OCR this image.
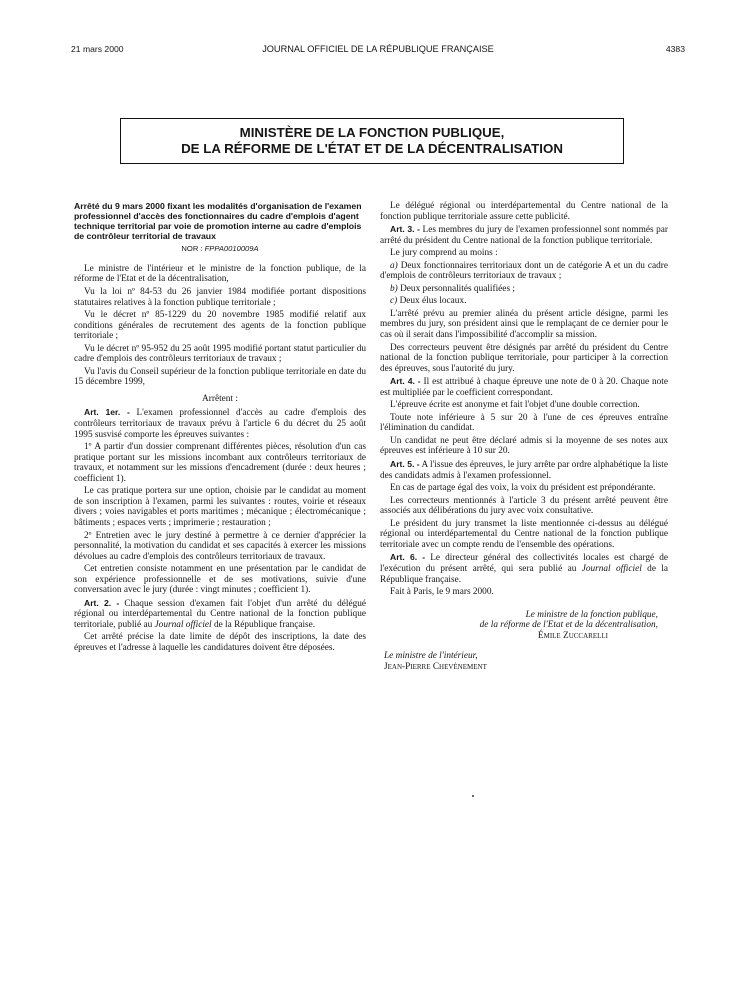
21 mars 2000	JOURNAL OFFICIEL DE LA RÉPUBLIQUE FRANÇAISE	4383
MINISTÈRE DE LA FONCTION PUBLIQUE,
DE LA RÉFORME DE L'ÉTAT ET DE LA DÉCENTRALISATION
Arrêté du 9 mars 2000 fixant les modalités d'organisation de l'examen professionnel d'accès des fonctionnaires du cadre d'emplois d'agent technique territorial par voie de promotion interne au cadre d'emplois de contrôleur territorial de travaux
NOR : FPPA0010009A

Le ministre de l'intérieur et le ministre de la fonction publique, de la réforme de l'Etat et de la décentralisation,

Vu la loi nº 84-53 du 26 janvier 1984 modifiée portant dispositions statutaires relatives à la fonction publique territoriale ;

Vu le décret nº 85-1229 du 20 novembre 1985 modifié relatif aux conditions générales de recrutement des agents de la fonction publique territoriale ;

Vu le décret nº 95-952 du 25 août 1995 modifié portant statut particulier du cadre d'emplois des contrôleurs territoriaux de travaux ;

Vu l'avis du Conseil supérieur de la fonction publique territoriale en date du 15 décembre 1999,

Arrêtent :

Art. 1er. - L'examen professionnel d'accès au cadre d'emplois des contrôleurs territoriaux de travaux prévu à l'article 6 du décret du 25 août 1995 susvisé comporte les épreuves suivantes :

1º A partir d'un dossier comprenant différentes pièces, résolution d'un cas pratique portant sur les missions incombant aux contrôleurs territoriaux de travaux, et notamment sur les missions d'encadrement (durée : deux heures ; coefficient 1).

Le cas pratique portera sur une option, choisie par le candidat au moment de son inscription à l'examen, parmi les suivantes : routes, voirie et réseaux divers ; voies navigables et ports maritimes ; mécanique ; électromécanique ; bâtiments ; espaces verts ; imprimerie ; restauration ;

2º Entretien avec le jury destiné à permettre à ce dernier d'apprécier la personnalité, la motivation du candidat et ses capacités à exercer les missions dévolues au cadre d'emplois des contrôleurs territoriaux de travaux.

Cet entretien consiste notamment en une présentation par le candidat de son expérience professionnelle et de ses motivations, suivie d'une conversation avec le jury (durée : vingt minutes ; coefficient 1).

Art. 2. - Chaque session d'examen fait l'objet d'un arrêté du délégué régional ou interdépartemental du Centre national de la fonction publique territoriale, publié au Journal officiel de la République française.

Cet arrêté précise la date limite de dépôt des inscriptions, la date des épreuves et l'adresse à laquelle les candidatures doivent être déposées.

Le délégué régional ou interdépartemental du Centre national de la fonction publique territoriale assure cette publicité.

Art. 3. - Les membres du jury de l'examen professionnel sont nommés par arrêté du président du Centre national de la fonction publique territoriale.

Le jury comprend au moins :

a) Deux fonctionnaires territoriaux dont un de catégorie A et un du cadre d'emplois de contrôleurs territoriaux de travaux ;

b) Deux personnalités qualifiées ;

c) Deux élus locaux.

L'arrêté prévu au premier alinéa du présent article désigne, parmi les membres du jury, son président ainsi que le remplaçant de ce dernier pour le cas où il serait dans l'impossibilité d'accomplir sa mission.

Des correcteurs peuvent être désignés par arrêté du président du Centre national de la fonction publique territoriale, pour participer à la correction des épreuves, sous l'autorité du jury.

Art. 4. - Il est attribué à chaque épreuve une note de 0 à 20. Chaque note est multipliée par le coefficient correspondant.

L'épreuve écrite est anonyme et fait l'objet d'une double correction.

Toute note inférieure à 5 sur 20 à l'une de ces épreuves entraîne l'élimination du candidat.

Un candidat ne peut être déclaré admis si la moyenne de ses notes aux épreuves est inférieure à 10 sur 20.

Art. 5. - A l'issue des épreuves, le jury arrête par ordre alphabétique la liste des candidats admis à l'examen professionnel.

En cas de partage égal des voix, la voix du président est prépondérante.

Les correcteurs mentionnés à l'article 3 du présent arrêté peuvent être associés aux délibérations du jury avec voix consultative.

Le président du jury transmet la liste mentionnée ci-dessus au délégué régional ou interdépartemental du Centre national de la fonction publique territoriale avec un compte rendu de l'ensemble des opérations.

Art. 6. - Le directeur général des collectivités locales est chargé de l'exécution du présent arrêté, qui sera publié au Journal officiel de la République française.

Fait à Paris, le 9 mars 2000.

Le ministre de la fonction publique,

de la réforme de l'Etat et de la décentralisation,

Émile Zuccarelli

Le ministre de l'intérieur,

Jean-Pierre Chevènement
